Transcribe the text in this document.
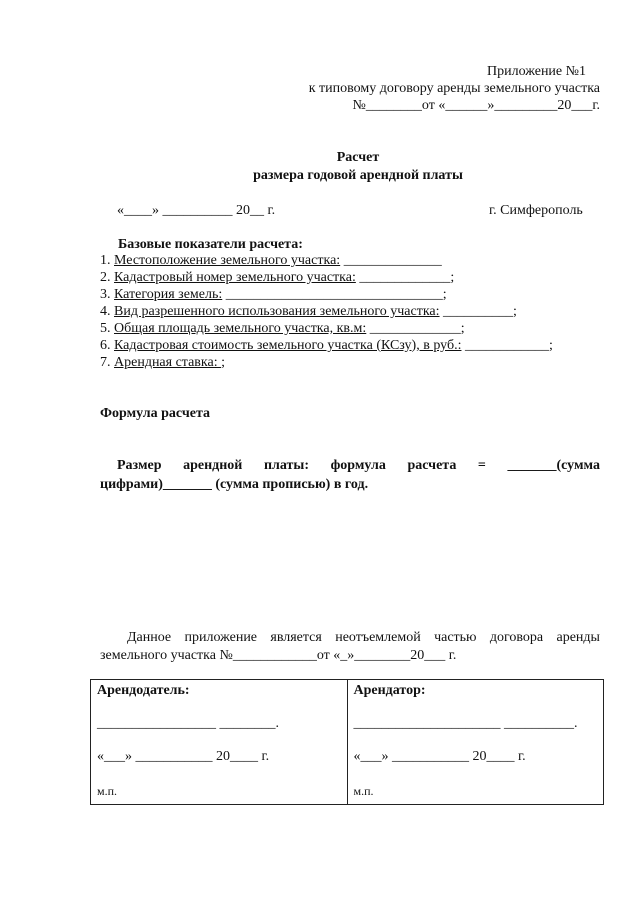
Приложение №1
к типовому договору аренды земельного участка
№________от «______»_________20___г.
Расчет
размера годовой арендной платы
«____» __________ 20__ г.	г. Симферополь
Базовые показатели расчета:
1. Местоположение земельного участка: ______________
2. Кадастровый номер земельного участка: _____________;
3. Категория земель: _______________________________;
4. Вид разрешенного использования земельного участка: __________;
5. Общая площадь земельного участка, кв.м: _____________;
6. Кадастровая стоимость земельного участка (КСзу), в руб.: ____________;
7. Арендная ставка: ;
Формула расчета
Размер арендной платы: формула расчета = _______(сумма
цифрами)_______ (сумма прописью) в год.
Данное приложение является неотъемлемой частью договора аренды
земельного участка №____________от «_»________20___ г.
Арендодатель:
_________________ ________.
«___» ___________ 20____ г.
м.п.
Арендатор:
_____________________ __________.
«___» ___________ 20____ г.
м.п.
